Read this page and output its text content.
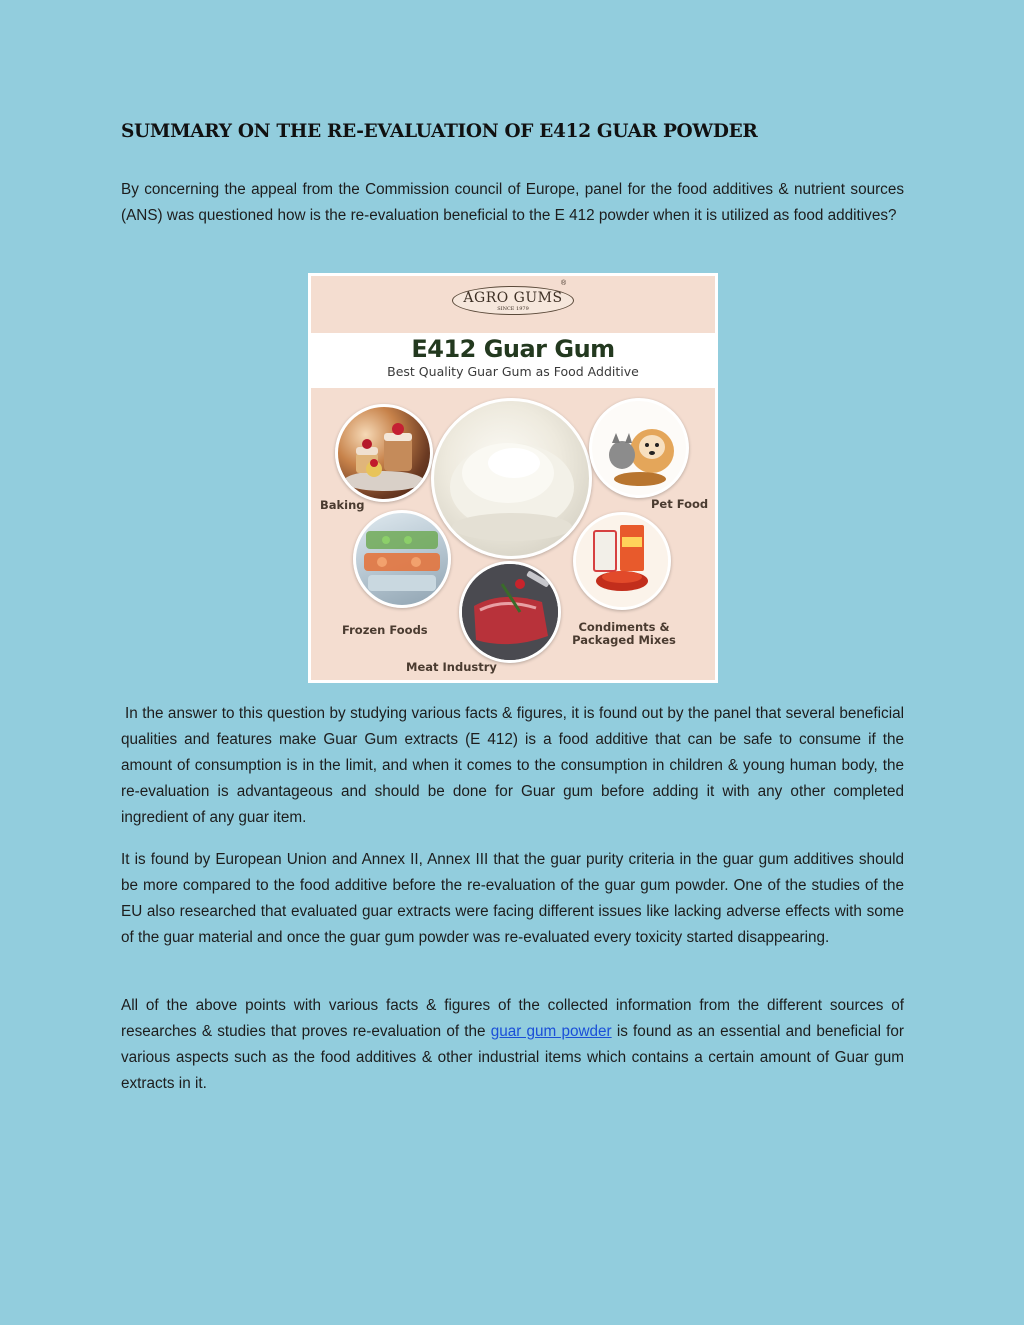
SUMMARY ON THE RE-EVALUATION OF E412 GUAR POWDER

By concerning the appeal from the Commission council of Europe, panel for the food additives & nutrient sources (ANS) was questioned how is the re-evaluation beneficial to the E 412 powder when it is utilized as food additives?

In the answer to this question by studying various facts & figures, it is found out by the panel that several beneficial qualities and features make Guar Gum extracts (E 412) is a food additive that can be safe to consume if the amount of consumption is in the limit, and when it comes to the consumption in children & young human body, the re-evaluation is advantageous and should be done for Guar gum before adding it with any other completed ingredient of any guar item.

It is found by European Union and Annex II, Annex III that the guar purity criteria in the guar gum additives should be more compared to the food additive before the re-evaluation of the guar gum powder. One of the studies of the EU also researched that evaluated guar extracts were facing different issues like lacking adverse effects with some of the guar material and once the guar gum powder was re-evaluated every toxicity started disappearing.

All of the above points with various facts & figures of the collected information from the different sources of researches & studies that proves re-evaluation of the guar gum powder is found as an essential and beneficial for various aspects such as the food additives & other industrial items which contains a certain amount of Guar gum extracts in it.

AGRO GUMS
SINCE 1979
®
E412 Guar Gum
Best Quality Guar Gum as Food Additive
Baking	Pet Food
Frozen Foods
Meat Industry
Condiments &
Packaged Mixes
